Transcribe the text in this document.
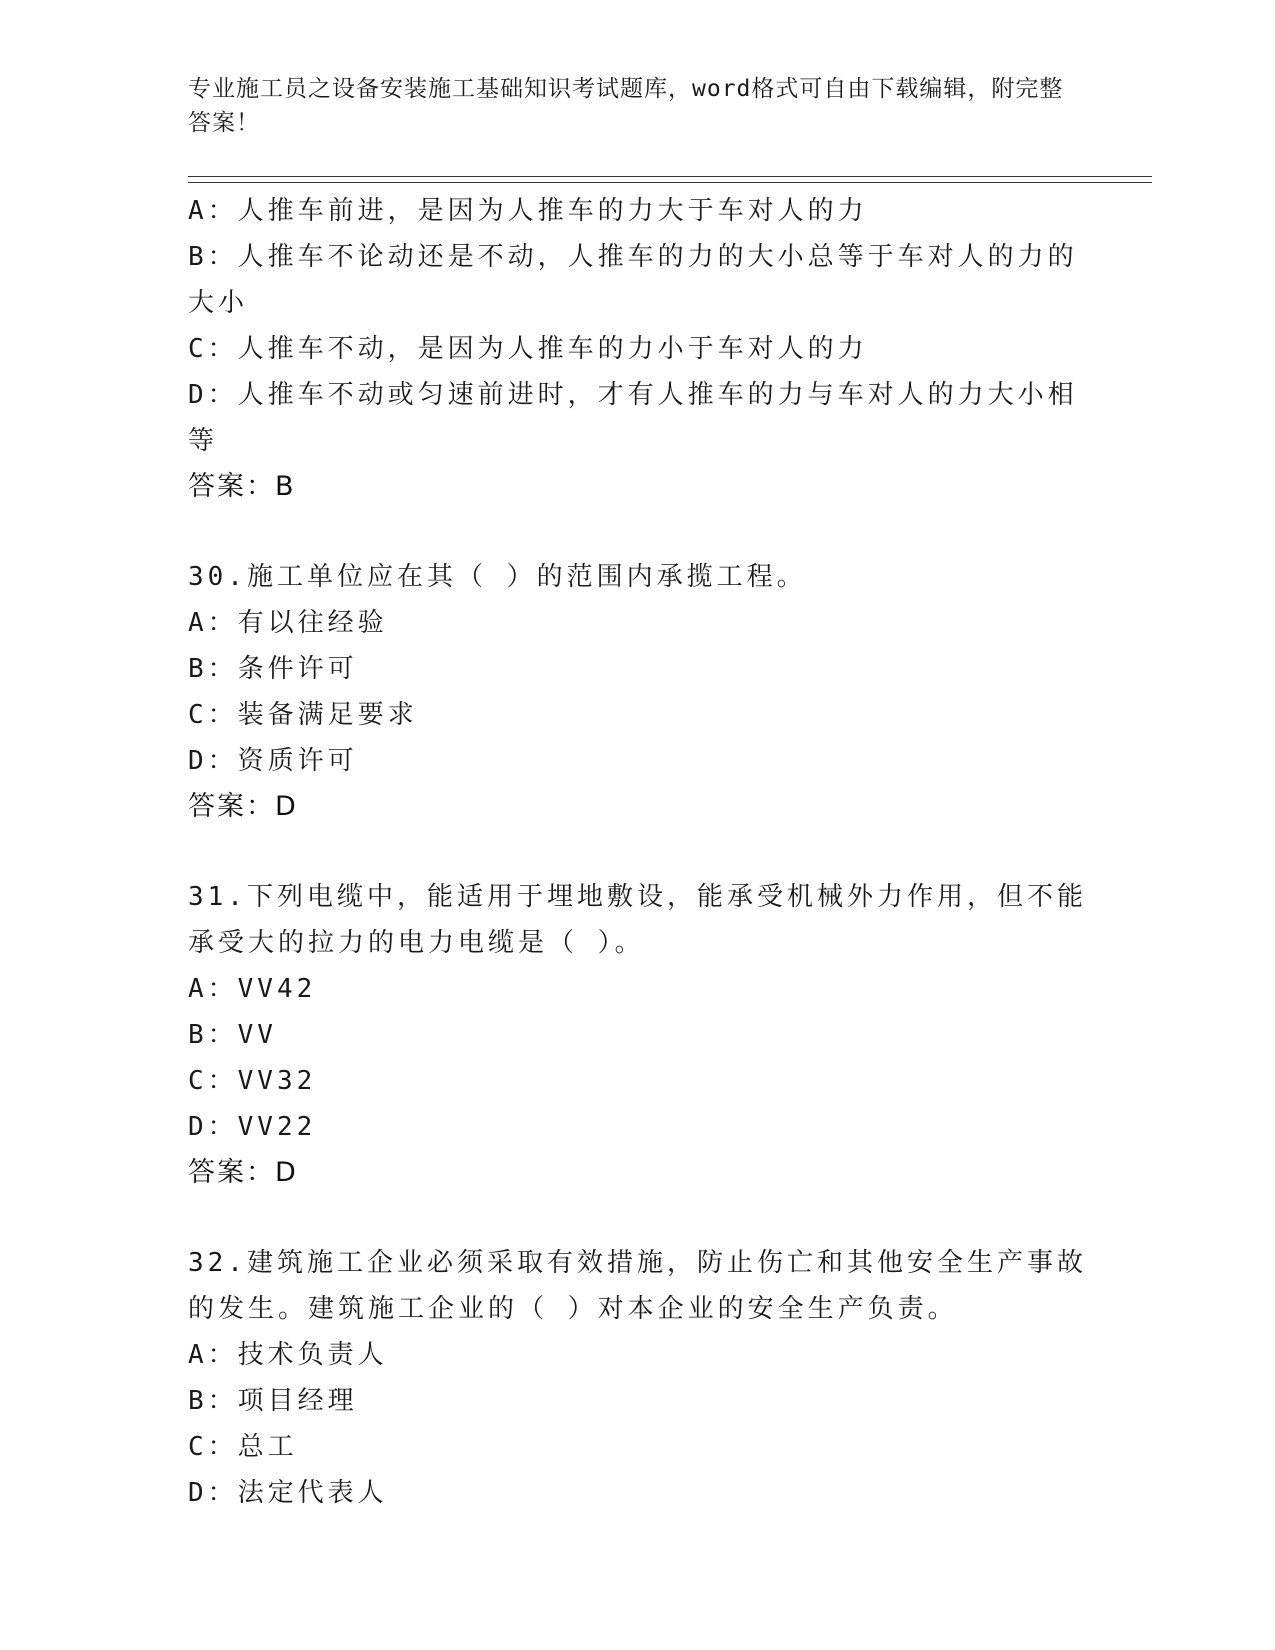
专业施工员之设备安装施工基础知识考试题库，word格式可自由下载编辑，附完整答案！
A：人推车前进，是因为人推车的力大于车对人的力
B：人推车不论动还是不动，人推车的力的大小总等于车对人的力的大小
C：人推车不动，是因为人推车的力小于车对人的力
D：人推车不动或匀速前进时，才有人推车的力与车对人的力大小相等
答案：B
30.施工单位应在其（ ）的范围内承揽工程。
A：有以往经验
B：条件许可
C：装备满足要求
D：资质许可
答案：D
31.下列电缆中，能适用于埋地敷设，能承受机械外力作用，但不能承受大的拉力的电力电缆是（ ）。
A：VV42
B：VV
C：VV32
D：VV22
答案：D
32.建筑施工企业必须采取有效措施，防止伤亡和其他安全生产事故的发生。建筑施工企业的（ ）对本企业的安全生产负责。
A：技术负责人
B：项目经理
C：总工
D：法定代表人
